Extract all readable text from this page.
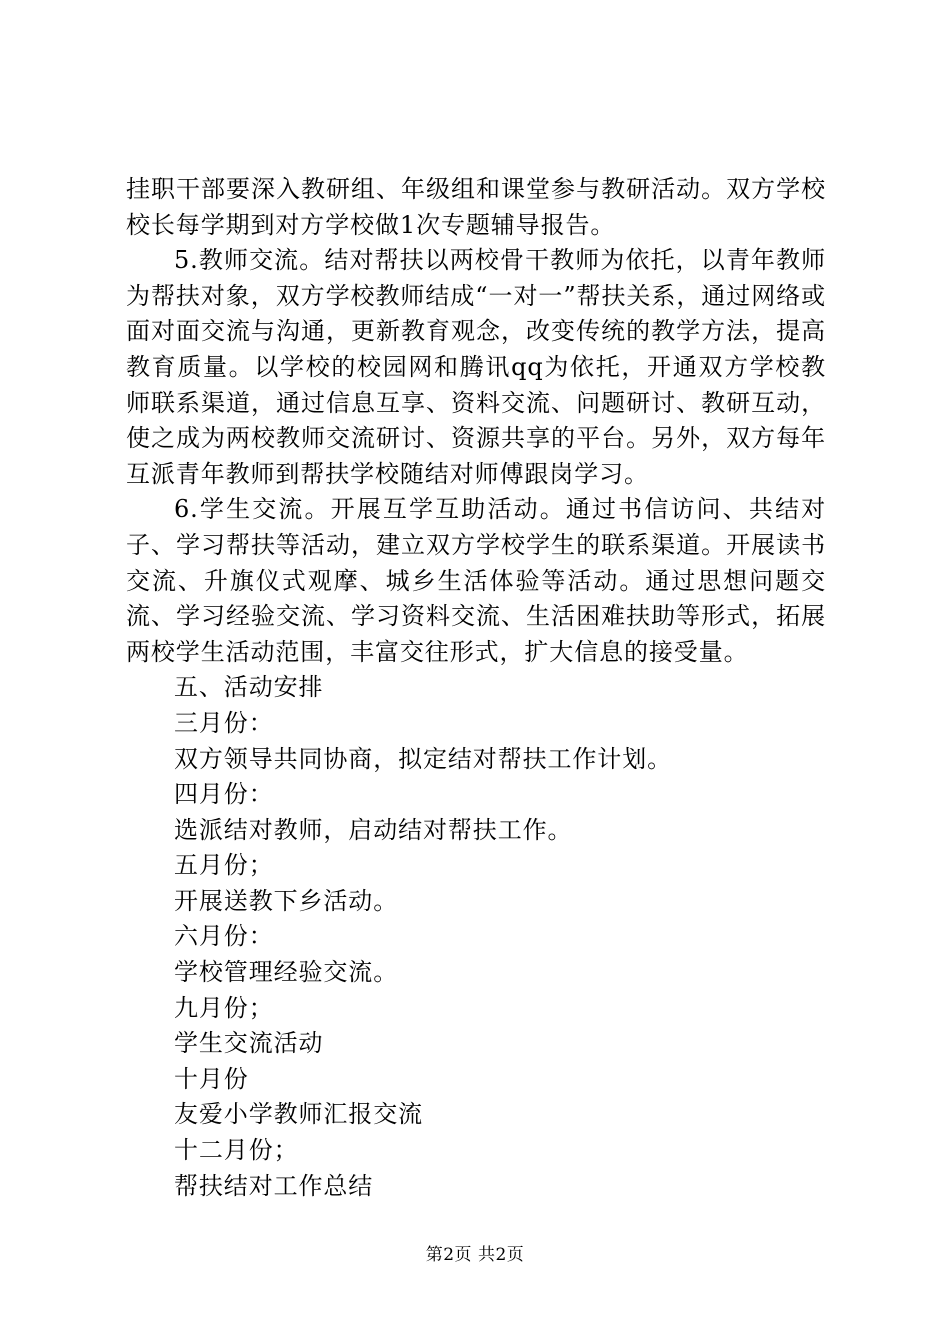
挂职干部要深入教研组、年级组和课堂参与教研活动。双方学校校长每学期到对方学校做1次专题辅导报告。

5.教师交流。结对帮扶以两校骨干教师为依托，以青年教师为帮扶对象，双方学校教师结成“一对一”帮扶关系，通过网络或面对面交流与沟通，更新教育观念，改变传统的教学方法，提高教育质量。以学校的校园网和腾讯qq为依托，开通双方学校教师联系渠道，通过信息互享、资料交流、问题研讨、教研互动，使之成为两校教师交流研讨、资源共享的平台。另外，双方每年互派青年教师到帮扶学校随结对师傅跟岗学习。

6.学生交流。开展互学互助活动。通过书信访问、共结对子、学习帮扶等活动，建立双方学校学生的联系渠道。开展读书交流、升旗仪式观摩、城乡生活体验等活动。通过思想问题交流、学习经验交流、学习资料交流、生活困难扶助等形式，拓展两校学生活动范围，丰富交往形式，扩大信息的接受量。

五、活动安排

三月份：

双方领导共同协商，拟定结对帮扶工作计划。

四月份：

选派结对教师，启动结对帮扶工作。

五月份；

开展送教下乡活动。

六月份：

学校管理经验交流。

九月份；

学生交流活动

十月份

友爱小学教师汇报交流

十二月份；

帮扶结对工作总结

第2页 共2页
